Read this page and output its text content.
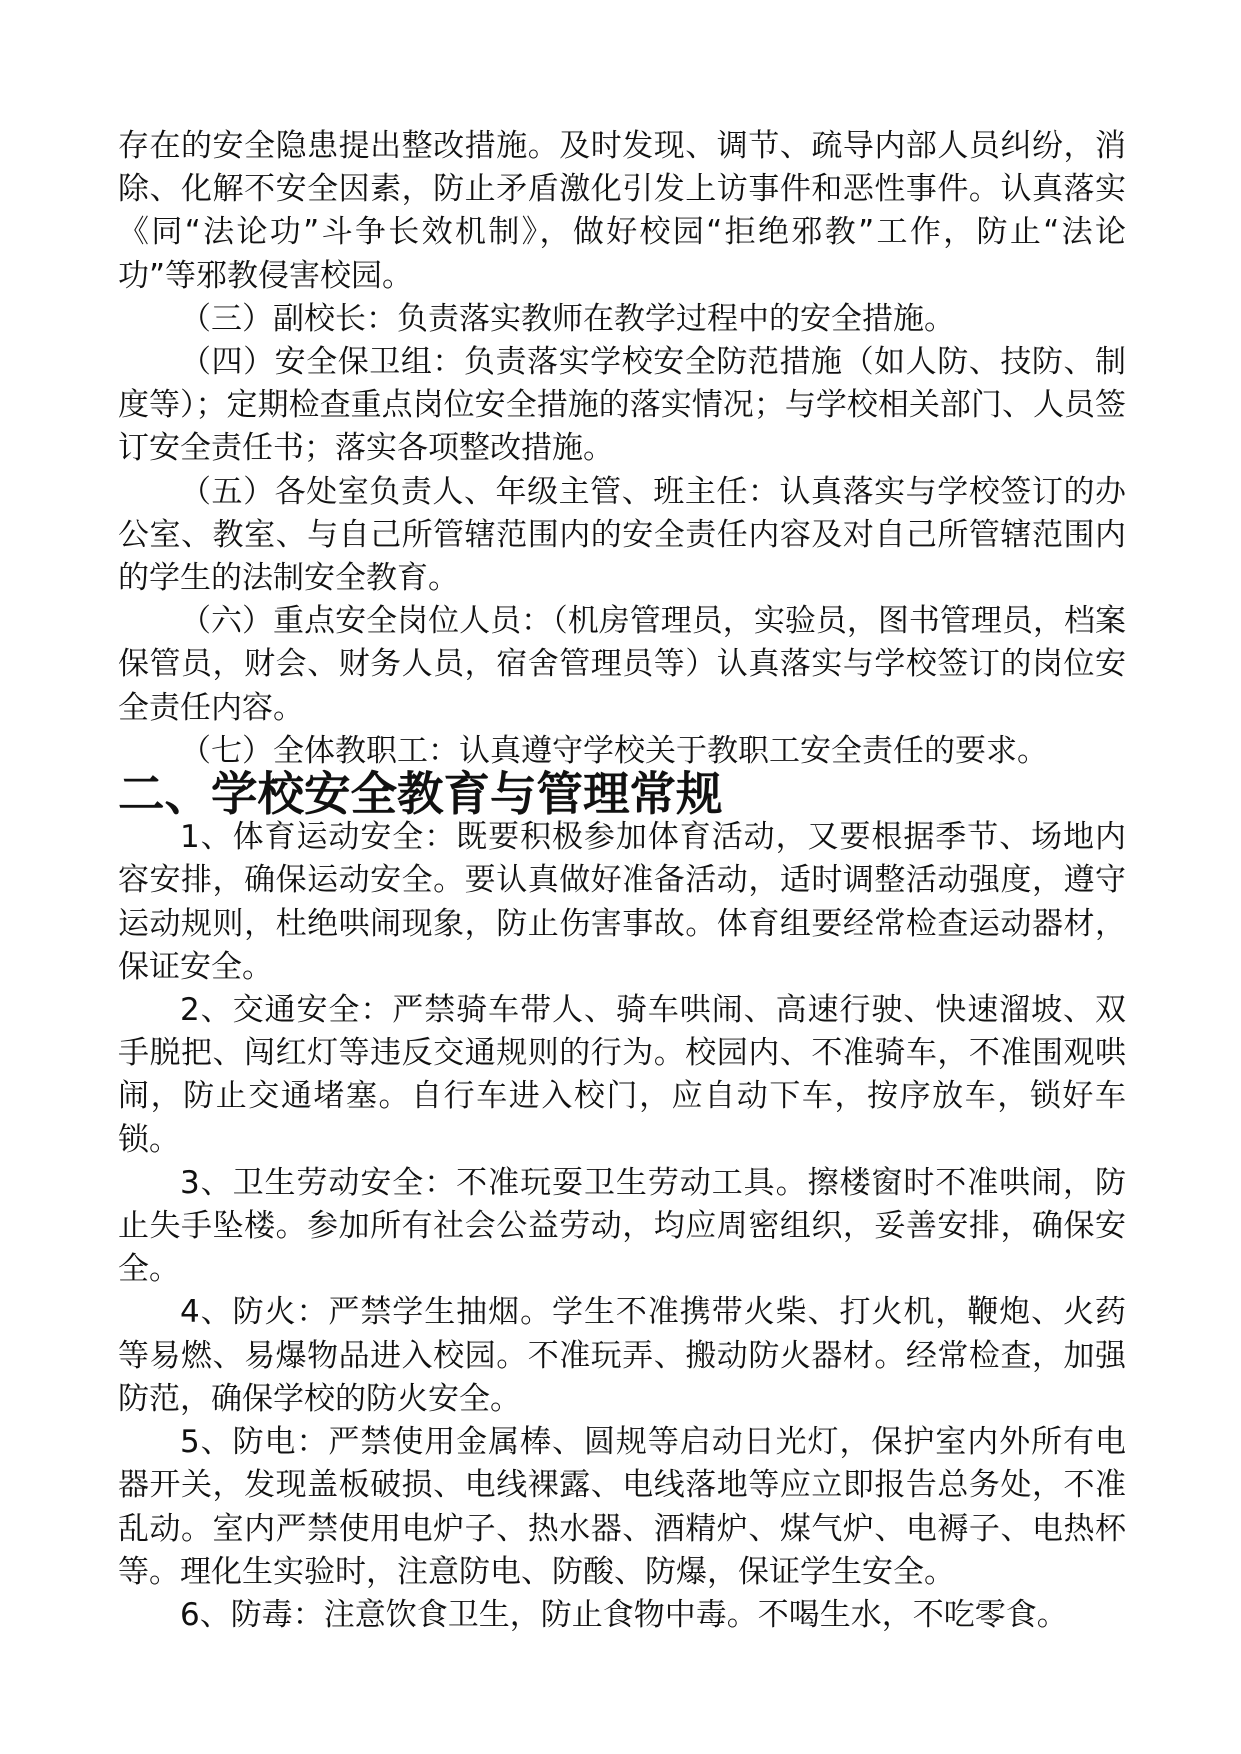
存在的安全隐患提出整改措施。及时发现、调节、疏导内部人员纠纷，消除、化解不安全因素，防止矛盾激化引发上访事件和恶性事件。认真落实《同“法论功”斗争长效机制》，做好校园“拒绝邪教”工作，防止“法论功”等邪教侵害校园。

（三）副校长：负责落实教师在教学过程中的安全措施。

（四）安全保卫组：负责落实学校安全防范措施（如人防、技防、制度等）；定期检查重点岗位安全措施的落实情况；与学校相关部门、人员签订安全责任书；落实各项整改措施。

（五）各处室负责人、年级主管、班主任：认真落实与学校签订的办公室、教室、与自己所管辖范围内的安全责任内容及对自己所管辖范围内的学生的法制安全教育。

（六）重点安全岗位人员：（机房管理员，实验员，图书管理员，档案保管员，财会、财务人员，宿舍管理员等）认真落实与学校签订的岗位安全责任内容。

（七）全体教职工：认真遵守学校关于教职工安全责任的要求。

二、学校安全教育与管理常规

1、体育运动安全：既要积极参加体育活动，又要根据季节、场地内容安排，确保运动安全。要认真做好准备活动，适时调整活动强度，遵守运动规则，杜绝哄闹现象，防止伤害事故。体育组要经常检查运动器材，保证安全。

2、交通安全：严禁骑车带人、骑车哄闹、高速行驶、快速溜坡、双手脱把、闯红灯等违反交通规则的行为。校园内、不准骑车，不准围观哄闹，防止交通堵塞。自行车进入校门，应自动下车，按序放车，锁好车锁。

3、卫生劳动安全：不准玩耍卫生劳动工具。擦楼窗时不准哄闹，防止失手坠楼。参加所有社会公益劳动，均应周密组织，妥善安排，确保安全。

4、防火：严禁学生抽烟。学生不准携带火柴、打火机，鞭炮、火药等易燃、易爆物品进入校园。不准玩弄、搬动防火器材。经常检查，加强防范，确保学校的防火安全。

5、防电：严禁使用金属棒、圆规等启动日光灯，保护室内外所有电器开关，发现盖板破损、电线裸露、电线落地等应立即报告总务处，不准乱动。室内严禁使用电炉子、热水器、酒精炉、煤气炉、电褥子、电热杯等。理化生实验时，注意防电、防酸、防爆，保证学生安全。

6、防毒：注意饮食卫生，防止食物中毒。不喝生水，不吃零食。
